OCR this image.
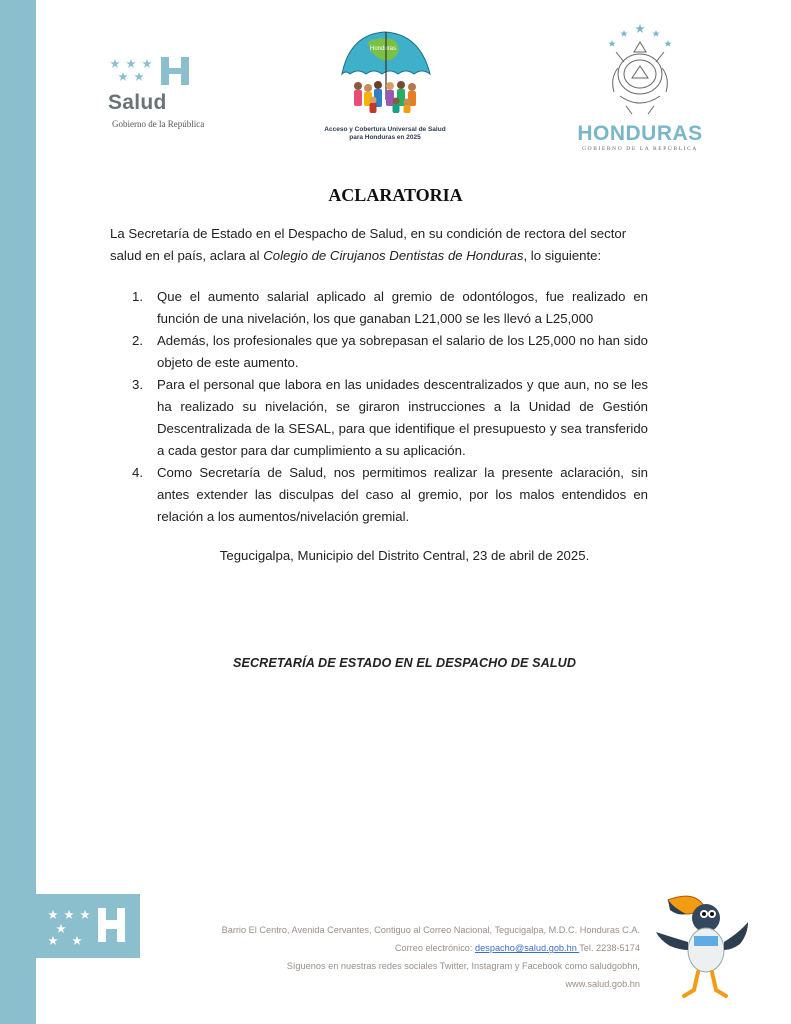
Salud
Gobierno de la República
Honduras
Acceso y Cobertura Universal de Salud
para Honduras en 2025	HONDURAS
GOBIERNO DE LA REPÚBLICA
ACLARATORIA
La Secretaría de Estado en el Despacho de Salud, en su condición de rectora del sector salud en el país, aclara al Colegio de Cirujanos Dentistas de Honduras, lo siguiente:
1. Que el aumento salarial aplicado al gremio de odontólogos, fue realizado en función de una nivelación, los que ganaban L21,000 se les llevó a L25,000
2. Además, los profesionales que ya sobrepasan el salario de los L25,000 no han sido objeto de este aumento.
3. Para el personal que labora en las unidades descentralizados y que aun, no se les ha realizado su nivelación, se giraron instrucciones a la Unidad de Gestión Descentralizada de la SESAL, para que identifique el presupuesto y sea transferido a cada gestor para dar cumplimiento a su aplicación.
4. Como Secretaría de Salud, nos permitimos realizar la presente aclaración, sin antes extender las disculpas del caso al gremio, por los malos entendidos en relación a los aumentos/nivelación gremial.
Tegucigalpa, Municipio del Distrito Central, 23 de abril de 2025.
SECRETARÍA DE ESTADO EN EL DESPACHO DE SALUD
Barrio El Centro, Avenida Cervantes, Contiguo al Correo Nacional, Tegucigalpa, M.D.C. Honduras C.A.
Correo electrónico: despacho@salud.gob.hn Tel. 2238-5174
Síguenos en nuestras redes sociales Twitter, Instagram y Facebook como saludgobhn,
www.salud.gob.hn
